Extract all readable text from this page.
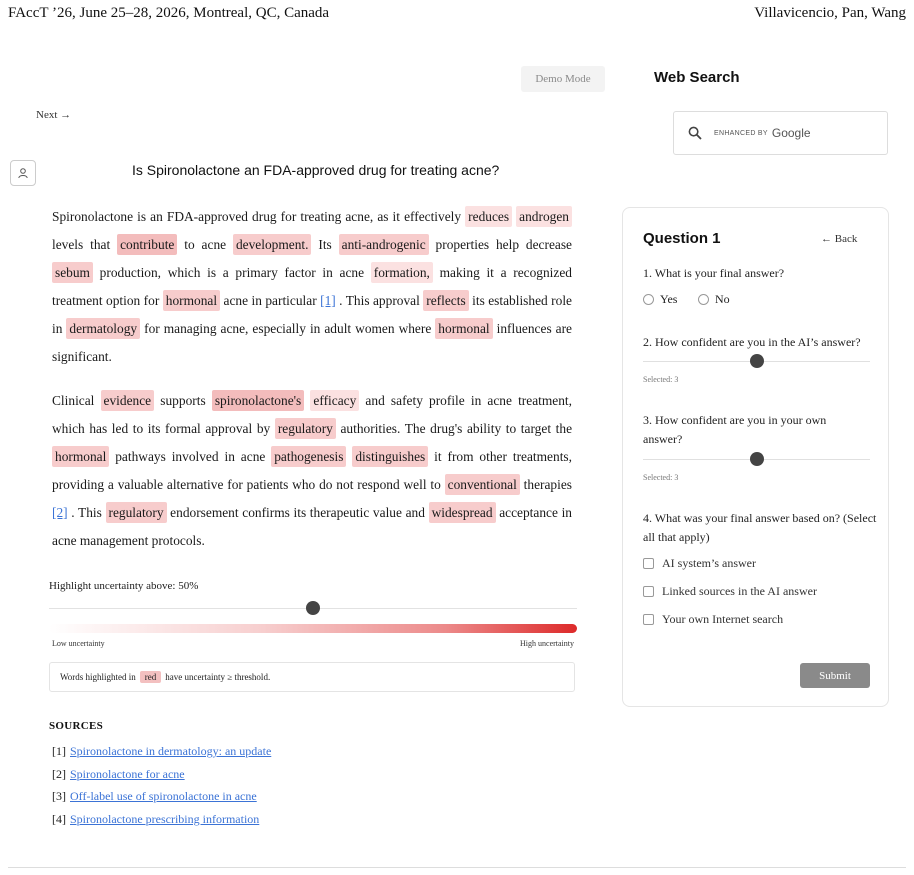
FAccT ’26, June 25–28, 2026, Montreal, QC, Canada	Villavicencio, Pan, Wang
Demo Mode
Next →
Is Spironolactone an FDA-approved drug for treating acne?

Spironolactone is an FDA-approved drug for treating acne, as it effectively reduces androgen levels that contribute to acne development. Its anti-androgenic properties help decrease sebum production, which is a primary factor in acne formation, making it a recognized treatment option for hormonal acne in particular [1] . This approval reflects its established role in dermatology for managing acne, especially in adult women where hormonal influences are significant.

Clinical evidence supports spironolactone's efficacy and safety profile in acne treatment, which has led to its formal approval by regulatory authorities. The drug's ability to target the hormonal pathways involved in acne pathogenesis distinguishes it from other treatments, providing a valuable alternative for patients who do not respond well to conventional therapies [2] . This regulatory endorsement confirms its therapeutic value and widespread acceptance in acne management protocols.

Highlight uncertainty above: 50%
Low uncertainty	High uncertainty
Words highlighted in	red	have uncertainty ≥ threshold.
SOURCES
[1] Spironolactone in dermatology: an update
[2] Spironolactone for acne
[3] Off-label use of spironolactone in acne
[4] Spironolactone prescribing information
Web Search
ENHANCED BY Google
Question 1	← Back
1. What is your final answer?
Yes	No
2. How confident are you in the AI’s answer?
Selected: 3
3. How confident are you in your own answer?
Selected: 3
4. What was your final answer based on? (Select all that apply)
AI system’s answer
Linked sources in the AI answer
Your own Internet search
Submit
